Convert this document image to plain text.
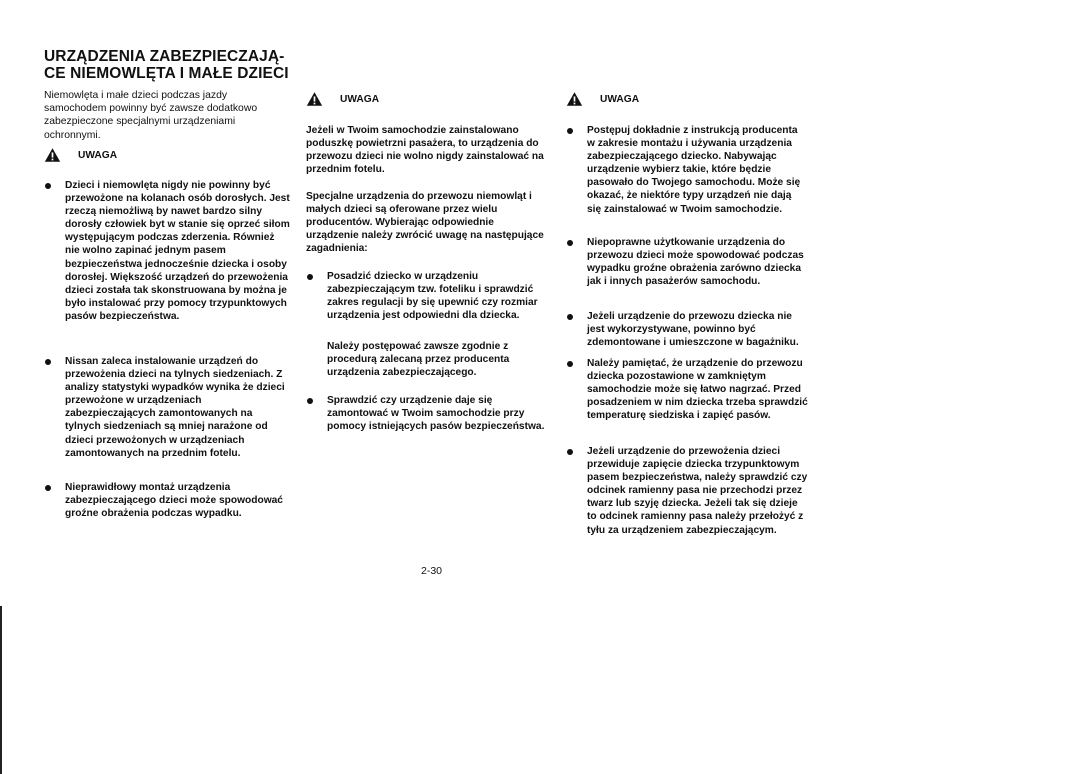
URZĄDZENIA ZABEZPIECZAJĄ-CE NIEMOWLĘTA I MAŁE DZIECI

Niemowlęta i małe dzieci podczas jazdy samochodem powinny być zawsze dodatkowo zabezpieczone specjalnymi urządzeniami ochronnymi.

UWAGA

Dzieci i niemowlęta nigdy nie powinny być przewożone na kolanach osób dorosłych. Jest rzeczą niemożliwą by nawet bardzo silny dorosły człowiek byt w stanie się oprzeć siłom występującym podczas zderzenia. Również nie wolno zapinać jednym pasem bezpieczeństwa jednocześnie dziecka i osoby dorosłej. Większość urządzeń do przewożenia dzieci została tak skonstruowana by można je było instalować przy pomocy trzypunktowych pasów bezpieczeństwa.

Nissan zaleca instalowanie urządzeń do przewożenia dzieci na tylnych siedzeniach. Z analizy statystyki wypadków wynika że dzieci przewożone w urządzeniach zabezpieczających zamontowanych na tylnych siedzeniach są mniej narażone od dzieci przewożonych w urządzeniach zamontowanych na przednim fotelu.

Nieprawidłowy montaż urządzenia zabezpieczającego dzieci może spowodować groźne obrażenia podczas wypadku.

UWAGA

Jeżeli w Twoim samochodzie zainstalowano poduszkę powietrzni pasażera, to urządzenia do przewozu dzieci nie wolno nigdy zainstalować na przednim fotelu.

Specjalne urządzenia do przewozu niemowląt i małych dzieci są oferowane przez wielu producentów. Wybierając odpowiednie urządzenie należy zwrócić uwagę na następujące zagadnienia:

Posadzić dziecko w urządzeniu zabezpieczającym tzw. foteliku i sprawdzić zakres regulacji by się upewnić czy rozmiar urządzenia jest odpowiedni dla dziecka.

Należy postępować zawsze zgodnie z procedurą zalecaną przez producenta urządzenia zabezpieczającego.

Sprawdzić czy urządzenie daje się zamontować w Twoim samochodzie przy pomocy istniejących pasów bezpieczeństwa.

UWAGA

Postępuj dokładnie z instrukcją producenta w zakresie montażu i używania urządzenia zabezpieczającego dziecko. Nabywając urządzenie wybierz takie, które będzie pasowało do Twojego samochodu. Może się okazać, że niektóre typy urządzeń nie dają się zainstalować w Twoim samochodzie.

Niepoprawne użytkowanie urządzenia do przewozu dzieci może spowodować podczas wypadku groźne obrażenia zarówno dziecka jak i innych pasażerów samochodu.

Jeżeli urządzenie do przewozu dziecka nie jest wykorzystywane, powinno być zdemontowane i umieszczone w bagażniku.

Należy pamiętać, że urządzenie do przewozu dziecka pozostawione w zamkniętym samochodzie może się łatwo nagrzać. Przed posadzeniem w nim dziecka trzeba sprawdzić temperaturę siedziska i zapięć pasów.

Jeżeli urządzenie do przewożenia dzieci przewiduje zapięcie dziecka trzypunktowym pasem bezpieczeństwa, należy sprawdzić czy odcinek ramienny pasa nie przechodzi przez twarz lub szyję dziecka. Jeżeli tak się dzieje to odcinek ramienny pasa należy przełożyć z tyłu za urządzeniem zabezpieczającym.

2-30
